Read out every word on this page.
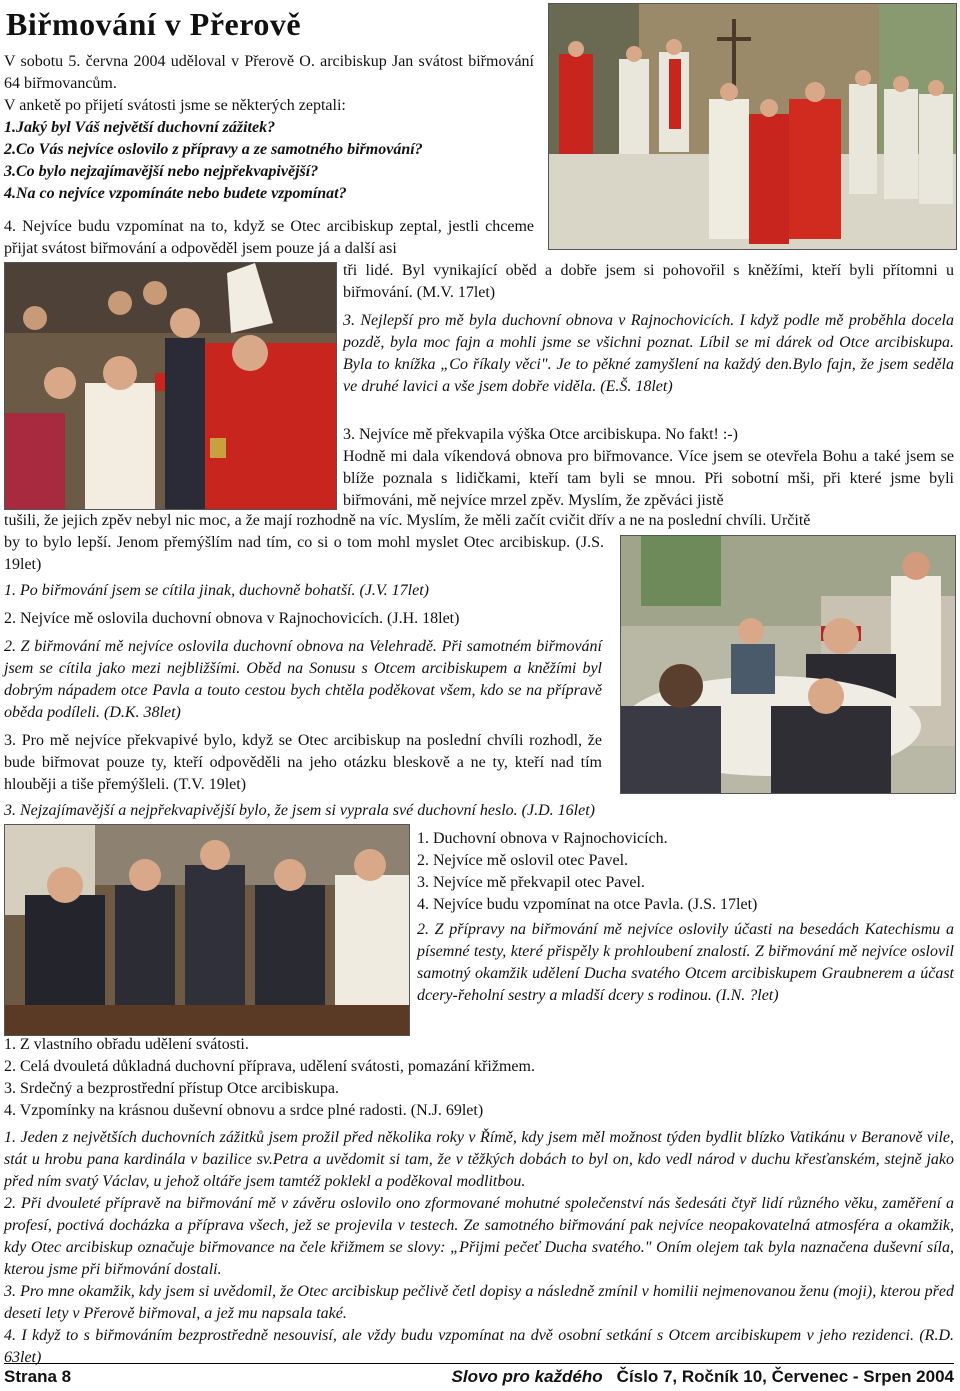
Biřmování v Přerově

V sobotu 5. června 2004 uděloval v Přerově O. arcibiskup Jan svátost biřmování 64 biřmovancům.

V anketě po přijetí svátosti jsme se některých zeptali:

1.Jaký byl Váš největší duchovní zážitek?

2.Co Vás nejvíce oslovilo z přípravy a ze samotného biřmování?

3.Co bylo nejzajímavější nebo nejpřekvapivější?

4.Na co nejvíce vzpomínáte nebo budete vzpomínat?

4. Nejvíce budu vzpomínat na to, když se Otec arcibiskup zeptal, jestli chceme přijat svátost biřmování a odpověděl jsem pouze já a další asi

tři lidé. Byl vynikající oběd a dobře jsem si pohovořil s kněžími, kteří byli přítomni u biřmování. (M.V. 17let)

3. Nejlepší pro mě byla duchovní obnova v Rajnochovicích. I když podle mě proběhla docela pozdě, byla moc fajn a mohli jsme se všichni poznat. Líbil se mi dárek od Otce arcibiskupa. Byla to knížka „Co říkaly věci". Je to pěkné zamyšlení na každý den.Bylo fajn, že jsem seděla ve druhé lavici a vše jsem dobře viděla. (E.Š. 18let)

3. Nejvíce mě překvapila výška Otce arcibiskupa. No fakt! :-)

Hodně mi dala víkendová obnova pro biřmovance. Více jsem se otevřela Bohu a také jsem se blíže poznala s lidičkami, kteří tam byli se mnou. Při sobotní mši, při které jsme byli biřmováni, mě nejvíce mrzel zpěv. Myslím, že zpěváci jistě

tušili, že jejich zpěv nebyl nic moc, a že mají rozhodně na víc. Myslím, že měli začít cvičit dřív a ne na poslední chvíli. Určitě

by to bylo lepší. Jenom přemýšlím nad tím, co si o tom mohl myslet Otec arcibiskup. (J.S. 19let)

1. Po biřmování jsem se cítila jinak, duchovně bohatší. (J.V. 17let)

2. Nejvíce mě oslovila duchovní obnova v Rajnochovicích. (J.H. 18let)

2. Z biřmování mě nejvíce oslovila duchovní obnova na Velehradě. Při samotném biřmování jsem se cítila jako mezi nejbližšími. Oběd na Sonusu s Otcem arcibiskupem a kněžími byl dobrým nápadem otce Pavla a touto cestou bych chtěla poděkovat všem, kdo se na přípravě oběda podíleli. (D.K. 38let)

3. Pro mě nejvíce překvapivé bylo, když se Otec arcibiskup na poslední chvíli rozhodl, že bude biřmovat pouze ty, kteří odpověděli na jeho otázku bleskově a ne ty, kteří nad tím hlouběji a tiše přemýšleli. (T.V. 19let)

3. Nejzajímavější a nejpřekvapivější bylo, že jsem si vyprala své duchovní heslo. (J.D. 16let)

1. Duchovní obnova v Rajnochovicích.

2. Nejvíce mě oslovil otec Pavel.

3. Nejvíce mě překvapil otec Pavel.

4. Nejvíce budu vzpomínat na otce Pavla. (J.S. 17let)

2. Z přípravy na biřmování mě nejvíce oslovily účasti na besedách Katechismu a písemné testy, které přispěly k prohloubení znalostí. Z biřmování mě nejvíce oslovil samotný okamžik udělení Ducha svatého Otcem arcibiskupem Graubnerem a účast dcery-řeholní sestry a mladší dcery s rodinou. (I.N. ?let)

1. Z vlastního obřadu udělení svátosti.

2. Celá dvouletá důkladná duchovní příprava, udělení svátosti, pomazání křižmem.

3. Srdečný a bezprostřední přístup Otce arcibiskupa.

4. Vzpomínky na krásnou duševní obnovu a srdce plné radosti. (N.J. 69let)

1. Jeden z největších duchovních zážitků jsem prožil před několika roky v Římě, kdy jsem měl možnost týden bydlit blízko Vatikánu v Beranově vile, stát u hrobu pana kardinála v bazilice sv.Petra a uvědomit si tam, že v těžkých dobách to byl on, kdo vedl národ v duchu křesťanském, stejně jako před ním svatý Václav, u jehož oltáře jsem tamtéž poklekl a poděkoval modlitbou.

2. Při dvouleté přípravě na biřmování mě v závěru oslovilo ono zformované mohutné společenství nás šedesáti čtyř lidí různého věku, zaměření a profesí, poctivá docházka a příprava všech, jež se projevila v testech. Ze samotného biřmování pak nejvíce neopakovatelná atmosféra a okamžik, kdy Otec arcibiskup označuje biřmovance na čele křižmem se slovy: „Přijmi pečeť Ducha svatého." Oním olejem tak byla naznačena duševní síla, kterou jsme při biřmování dostali.

3. Pro mne okamžik, kdy jsem si uvědomil, že Otec arcibiskup pečlivě četl dopisy a následně zmínil v homilii nejmenovanou ženu (moji), kterou před deseti lety v Přerově biřmoval, a jež mu napsala také.

4. I když to s biřmováním bezprostředně nesouvisí, ale vždy budu vzpomínat na dvě osobní setkání s Otcem arcibiskupem v jeho rezidenci. (R.D. 63let)

Strana 8	Slovo pro každého Číslo 7, Ročník 10, Červenec - Srpen 2004
